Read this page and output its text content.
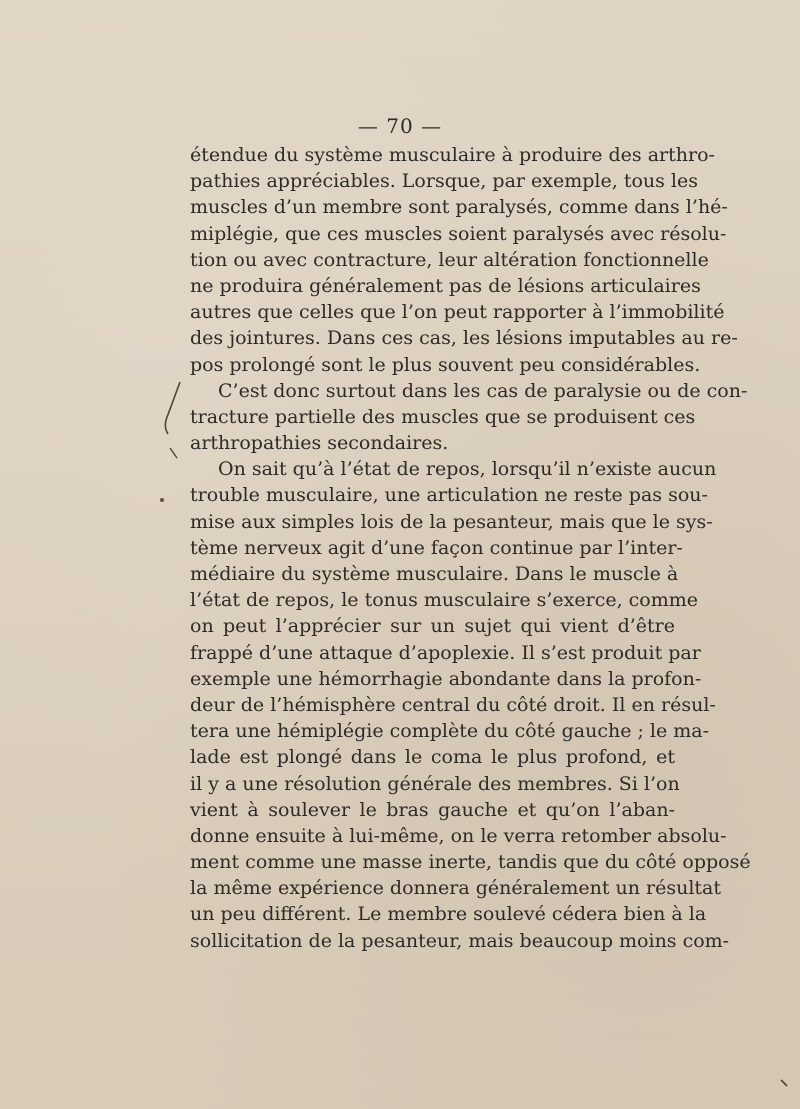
— 70 —
étendue du système musculaire à produire des arthro-
pathies appréciables. Lorsque, par exemple, tous les
muscles d’un membre sont paralysés, comme dans l’hé-
miplégie, que ces muscles soient paralysés avec résolu-
tion ou avec contracture, leur altération fonctionnelle
ne produira généralement pas de lésions articulaires
autres que celles que l’on peut rapporter à l’immobilité
des jointures. Dans ces cas, les lésions imputables au re-
pos prolongé sont le plus souvent peu considérables.
C’est donc surtout dans les cas de paralysie ou de con-
tracture partielle des muscles que se produisent ces
arthropathies secondaires.
On sait qu’à l’état de repos, lorsqu’il n’existe aucun
trouble musculaire, une articulation ne reste pas sou-
mise aux simples lois de la pesanteur, mais que le sys-
tème nerveux agit d’une façon continue par l’inter-
médiaire du système musculaire. Dans le muscle à
l’état de repos, le tonus musculaire s’exerce, comme
on peut l’apprécier sur un sujet qui vient d’être
frappé d’une attaque d’apoplexie. Il s’est produit par
exemple une hémorrhagie abondante dans la profon-
deur de l’hémisphère central du côté droit. Il en résul-
tera une hémiplégie complète du côté gauche ; le ma-
lade est plongé dans le coma le plus profond, et
il y a une résolution générale des membres. Si l’on
vient à soulever le bras gauche et qu’on l’aban-
donne ensuite à lui-même, on le verra retomber absolu-
ment comme une masse inerte, tandis que du côté opposé
la même expérience donnera généralement un résultat
un peu différent. Le membre soulevé cédera bien à la
sollicitation de la pesanteur, mais beaucoup moins com-
